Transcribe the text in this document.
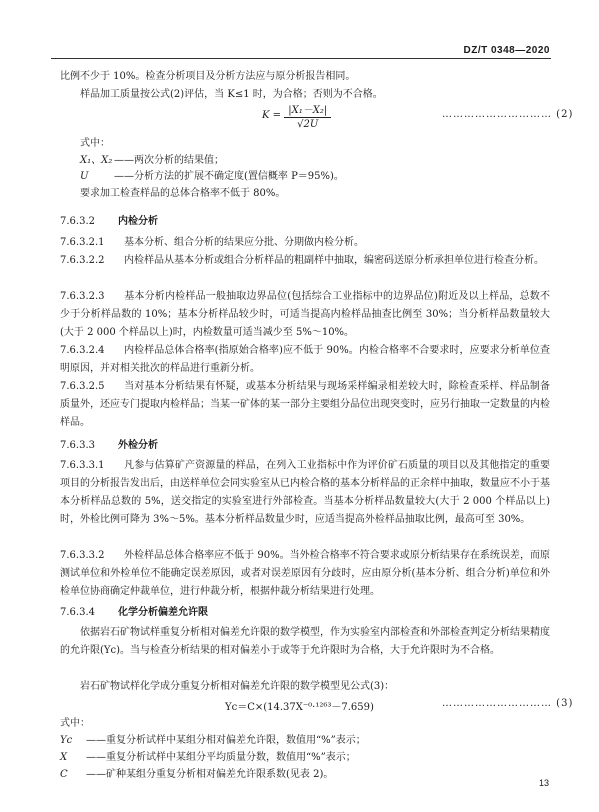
DZ/T 0348—2020
比例不少于 10%。检查分析项目及分析方法应与原分析报告相同。
样品加工质量按公式(2)评估，当 K≤1 时，为合格；否则为不合格。
$K = \frac{\text{|X₁－X₂|}}{√2U}$	………………………… (2)
式中：
X₁、X₂ ——两次分析的结果值；
U	——分析方法的扩展不确定度(置信概率 P＝95%)。
要求加工检查样品的总体合格率不低于 80%。
7.6.3.2 内检分析
7.6.3.2.1 基本分析、组合分析的结果应分批、分期做内检分析。
7.6.3.2.2 内检样品从基本分析或组合分析样品的粗副样中抽取，编密码送原分析承担单位进行检查分析。
7.6.3.2.3 基本分析内检样品一般抽取边界品位(包括综合工业指标中的边界品位)附近及以上样品，总数不少于分析样品数的 10%；基本分析样品较少时，可适当提高内检样品抽查比例至 30%；当分析样品数量较大(大于 2 000 个样品以上)时，内检数量可适当减少至 5%～10%。
7.6.3.2.4 内检样品总体合格率(指原始合格率)应不低于 90%。内检合格率不合要求时，应要求分析单位查明原因，并对相关批次的样品进行重新分析。
7.6.3.2.5 当对基本分析结果有怀疑，或基本分析结果与现场采样编录相差较大时，除检查采样、样品制备质量外，还应专门提取内检样品；当某一矿体的某一部分主要组分品位出现突变时，应另行抽取一定数量的内检样品。
7.6.3.3 外检分析
7.6.3.3.1 凡参与估算矿产资源量的样品，在列入工业指标中作为评价矿石质量的项目以及其他指定的重要项目的分析报告发出后，由送样单位会同实验室从已内检合格的基本分析样品的正余样中抽取，数量应不小于基本分析样品总数的 5%，送交指定的实验室进行外部检查。当基本分析样品数量较大(大于 2 000 个样品以上)时，外检比例可降为 3%～5%。基本分析样品数量少时，应适当提高外检样品抽取比例，最高可至 30%。
7.6.3.3.2 外检样品总体合格率应不低于 90%。当外检合格率不符合要求或原分析结果存在系统误差，而原测试单位和外检单位不能确定误差原因，或者对误差原因有分歧时，应由原分析(基本分析、组合分析)单位和外检单位协商确定仲裁单位，进行仲裁分析，根据仲裁分析结果进行处理。
7.6.3.4 化学分析偏差允许限
依据岩石矿物试样重复分析相对偏差允许限的数学模型，作为实验室内部检查和外部检查判定分析结果精度的允许限(Yc)。当与检查分析结果的相对偏差小于或等于允许限时为合格，大于允许限时为不合格。
岩石矿物试样化学成分重复分析相对偏差允许限的数学模型见公式(3)：
Yc＝C×(14.37X⁻⁰·¹²⁶³－7.659)	………………………… (3)
式中：
Yc ——重复分析试样中某组分相对偏差允许限，数值用“%”表示；
X ——重复分析试样中某组分平均质量分数，数值用“%”表示；
C ——矿种某组分重复分析相对偏差允许限系数(见表 2)。
13
